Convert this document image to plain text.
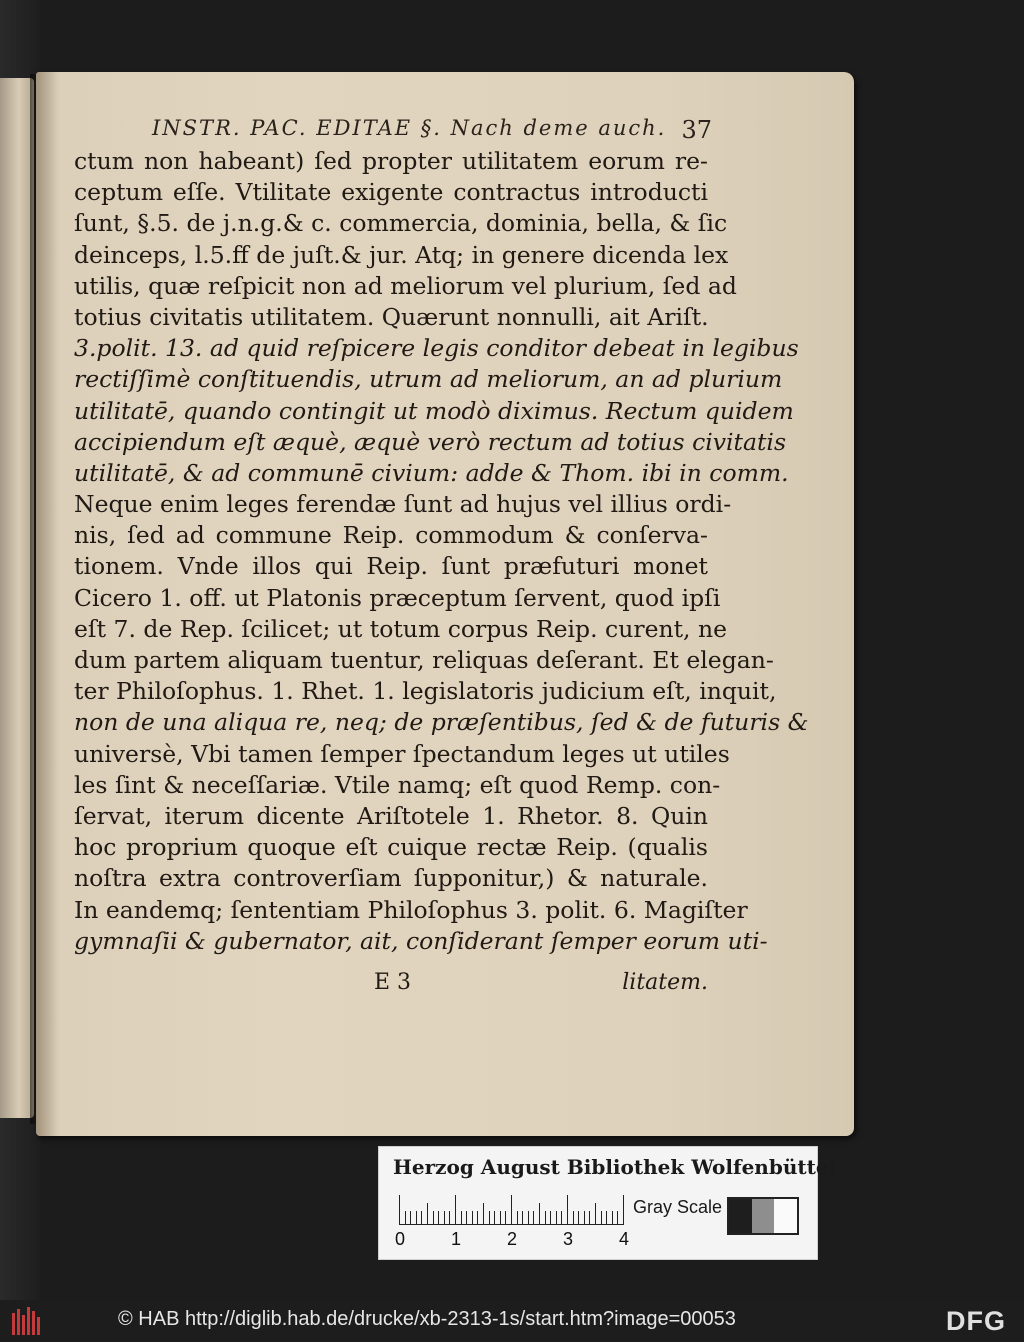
INSTR. PAC. EDITAE §. Nach deme auch. 37
ctum non habeant) ſed propter utilitatem eorum re-
ceptum eſſe. Vtilitate exigente contractus introducti
ſunt, §.5. de j.n.g.& c. commercia, dominia, bella, & ſic
deinceps, l.5.ff de juſt.& jur. Atq; in genere dicenda lex
utilis, quæ reſpicit non ad meliorum vel plurium, ſed ad
totius civitatis utilitatem. Quærunt nonnulli, ait Ariſt.
3.polit. 13. ad quid reſpicere legis conditor debeat in legibus
rectiſſimè conſtituendis, utrum ad meliorum, an ad plurium
utilitatē, quando contingit ut modò diximus. Rectum quidem
accipiendum eſt æquè, æquè verò rectum ad totius civitatis
utilitatē, & ad communē civium: adde & Thom. ibi in comm.
Neque enim leges ferendæ ſunt ad hujus vel illius ordi-
nis, ſed ad commune Reip. commodum & conſerva-
tionem. Vnde illos qui Reip. ſunt præfuturi monet
Cicero 1. off. ut Platonis præceptum ſervent, quod ipſi
eſt 7. de Rep. ſcilicet; ut totum corpus Reip. curent, ne
dum partem aliquam tuentur, reliquas deſerant. Et elegan-
ter Philoſophus. 1. Rhet. 1. legislatoris judicium eſt, inquit,
non de una aliqua re, neq; de præſentibus, ſed & de futuris &
universè, Vbi tamen ſemper ſpectandum leges ut utiles
les ſint & neceſſariæ. Vtile namq; eſt quod Remp. con-
ſervat, iterum dicente Ariſtotele 1. Rhetor. 8. Quin
hoc proprium quoque eſt cuique rectæ Reip. (qualis
noſtra extra controverſiam ſupponitur,) & naturale.
In eandemq; ſententiam Philoſophus 3. polit. 6. Magiſter
gymnaſii & gubernator, ait, conſiderant ſemper eorum uti-
E 3	litatem.
Herzog August Bibliothek Wolfenbüttel
0	1	2	3	4
Gray Scale
© HAB http://diglib.hab.de/drucke/xb-2313-1s/start.htm?image=00053	DFG
